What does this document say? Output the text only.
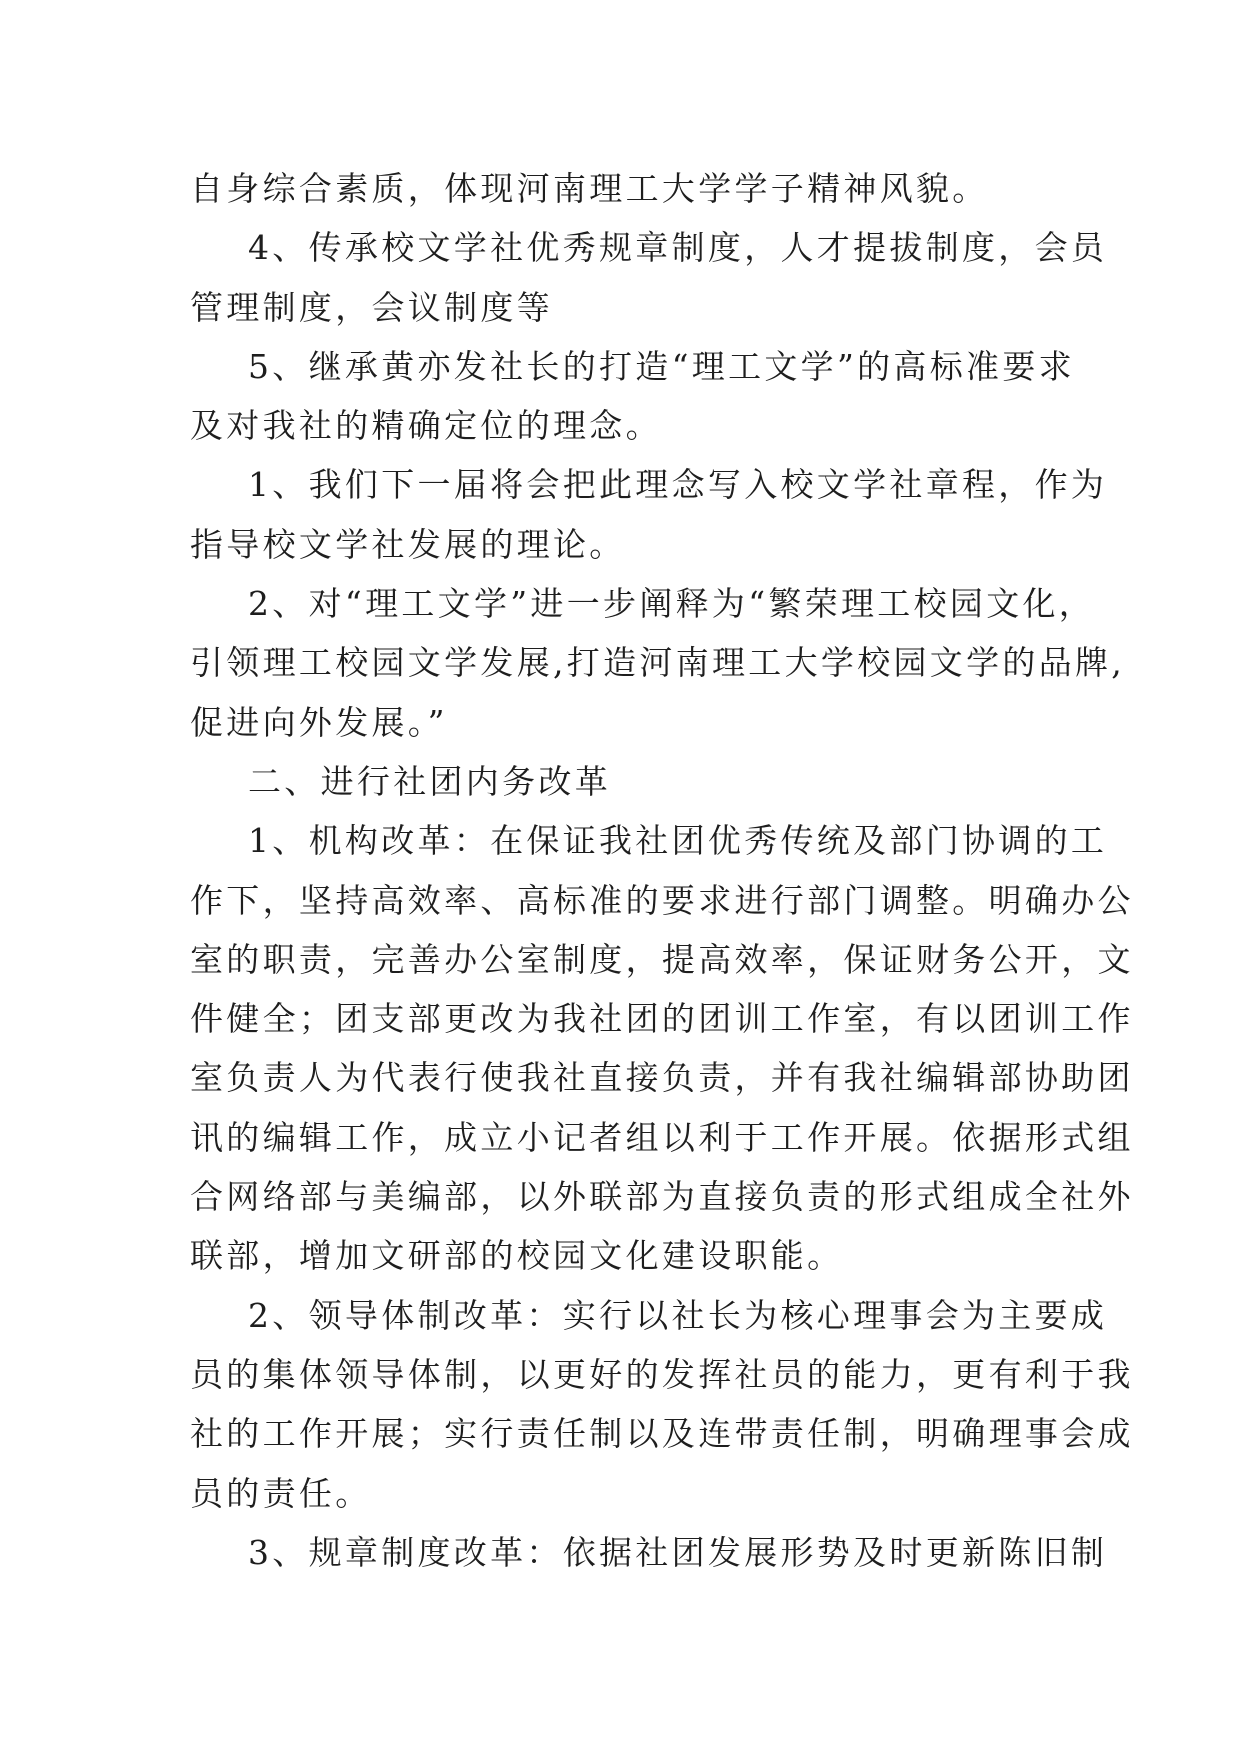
自身综合素质，体现河南理工大学学子精神风貌。
4、传承校文学社优秀规章制度，人才提拔制度，会员
管理制度，会议制度等
5、继承黄亦发社长的打造“理工文学”的高标准要求
及对我社的精确定位的理念。
1、我们下一届将会把此理念写入校文学社章程，作为
指导校文学社发展的理论。
2、对“理工文学”进一步阐释为“繁荣理工校园文化，
引领理工校园文学发展,打造河南理工大学校园文学的品牌,
促进向外发展。”
二、进行社团内务改革
1、机构改革：在保证我社团优秀传统及部门协调的工
作下，坚持高效率、高标准的要求进行部门调整。明确办公
室的职责，完善办公室制度，提高效率，保证财务公开，文
件健全；团支部更改为我社团的团训工作室，有以团训工作
室负责人为代表行使我社直接负责，并有我社编辑部协助团
讯的编辑工作，成立小记者组以利于工作开展。依据形式组
合网络部与美编部，以外联部为直接负责的形式组成全社外
联部，增加文研部的校园文化建设职能。
2、领导体制改革：实行以社长为核心理事会为主要成
员的集体领导体制，以更好的发挥社员的能力，更有利于我
社的工作开展；实行责任制以及连带责任制，明确理事会成
员的责任。
3、规章制度改革：依据社团发展形势及时更新陈旧制
